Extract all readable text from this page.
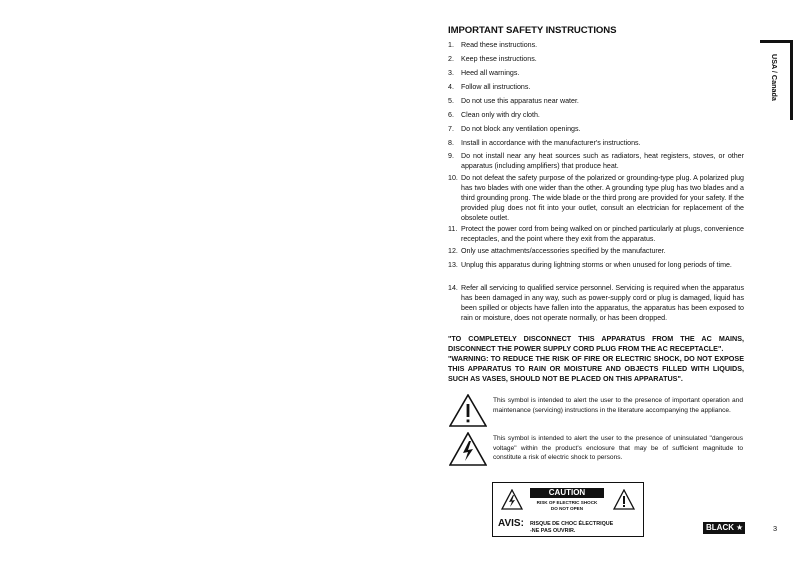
IMPORTANT SAFETY INSTRUCTIONS
USA / Canada
1. Read these instructions.
2. Keep these instructions.
3. Heed all warnings.
4. Follow all instructions.
5. Do not use this apparatus near water.
6. Clean only with dry cloth.
7. Do not block any ventilation openings.
8. Install in accordance with the manufacturer's instructions.
9. Do not install near any heat sources such as radiators, heat registers, stoves, or other apparatus (including amplifiers) that produce heat.
10. Do not defeat the safety purpose of the polarized or grounding-type plug. A polarized plug has two blades with one wider than the other. A grounding type plug has two blades and a third grounding prong. The wide blade or the third prong are provided for your safety. If the provided plug does not fit into your outlet, consult an electrician for replacement of the obsolete outlet.
11. Protect the power cord from being walked on or pinched particularly at plugs, convenience receptacles, and the point where they exit from the apparatus.
12. Only use attachments/accessories specified by the manufacturer.
13. Unplug this apparatus during lightning storms or when unused for long periods of time.
14. Refer all servicing to qualified service personnel. Servicing is required when the apparatus has been damaged in any way, such as power-supply cord or plug is damaged, liquid has been spilled or objects have fallen into the apparatus, the apparatus has been exposed to rain or moisture, does not operate normally, or has been dropped.
"TO COMPLETELY DISCONNECT THIS APPARATUS FROM THE AC MAINS, DISCONNECT THE POWER SUPPLY CORD PLUG FROM THE AC RECEPTACLE".
"WARNING: TO REDUCE THE RISK OF FIRE OR ELECTRIC SHOCK, DO NOT EXPOSE THIS APPARATUS TO RAIN OR MOISTURE AND OBJECTS FILLED WITH LIQUIDS, SUCH AS VASES, SHOULD NOT BE PLACED ON THIS APPARATUS".
This symbol is intended to alert the user to the presence of important operation and maintenance (servicing) instructions in the literature accompanying the appliance.
This symbol is intended to alert the user to the presence of uninsulated "dangerous voltage" within the product's enclosure that may be of sufficient magnitude to constitute a risk of electric shock to persons.
CAUTION
RISK OF ELECTRIC SHOCK
DO NOT OPEN
AVIS: RISQUE DE CHOC ÉLECTRIQUE
-NE PAS OUVRIR.	BLACK ★	3
